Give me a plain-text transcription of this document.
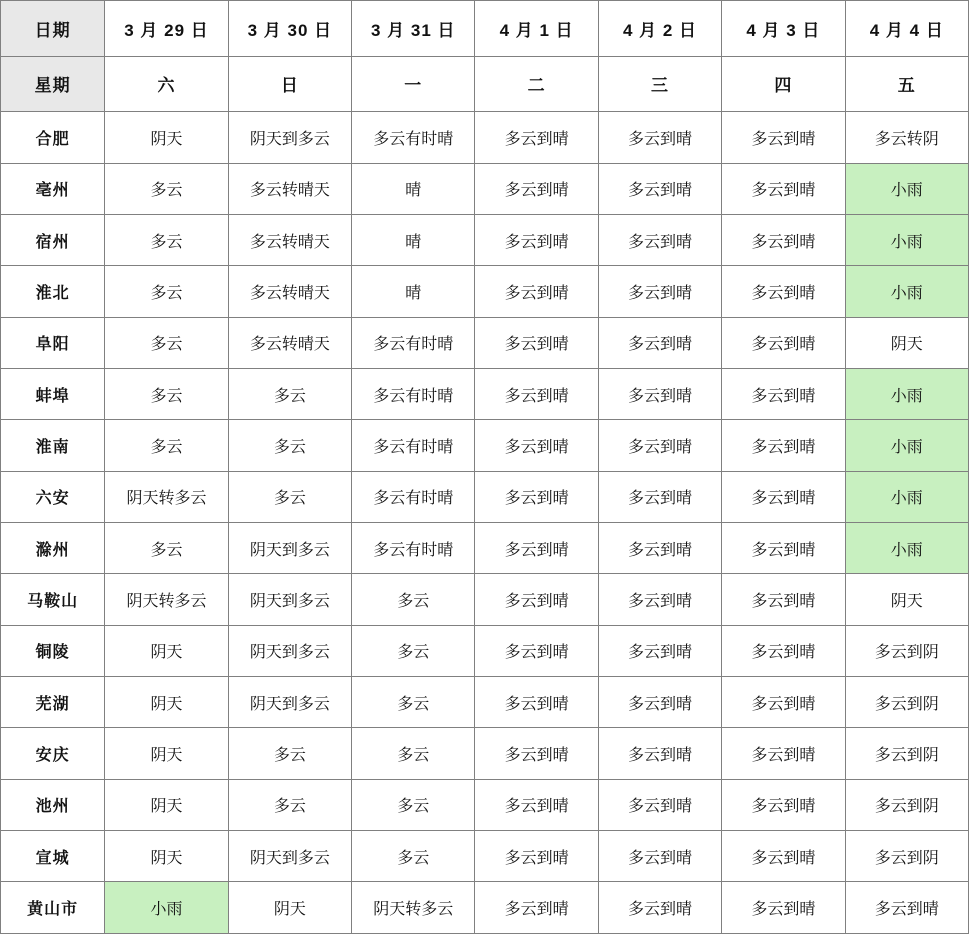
日期	3 月 29 日	3 月 30 日	3 月 31 日	4 月 1 日	4 月 2 日	4 月 3 日	4 月 4 日
星期	六	日	一	二	三	四	五
合肥	阴天	阴天到多云	多云有时晴	多云到晴	多云到晴	多云到晴	多云转阴
亳州	多云	多云转晴天	晴	多云到晴	多云到晴	多云到晴	小雨
宿州	多云	多云转晴天	晴	多云到晴	多云到晴	多云到晴	小雨
淮北	多云	多云转晴天	晴	多云到晴	多云到晴	多云到晴	小雨
阜阳	多云	多云转晴天	多云有时晴	多云到晴	多云到晴	多云到晴	阴天
蚌埠	多云	多云	多云有时晴	多云到晴	多云到晴	多云到晴	小雨
淮南	多云	多云	多云有时晴	多云到晴	多云到晴	多云到晴	小雨
六安	阴天转多云	多云	多云有时晴	多云到晴	多云到晴	多云到晴	小雨
滁州	多云	阴天到多云	多云有时晴	多云到晴	多云到晴	多云到晴	小雨
马鞍山	阴天转多云	阴天到多云	多云	多云到晴	多云到晴	多云到晴	阴天
铜陵	阴天	阴天到多云	多云	多云到晴	多云到晴	多云到晴	多云到阴
芜湖	阴天	阴天到多云	多云	多云到晴	多云到晴	多云到晴	多云到阴
安庆	阴天	多云	多云	多云到晴	多云到晴	多云到晴	多云到阴
池州	阴天	多云	多云	多云到晴	多云到晴	多云到晴	多云到阴
宣城	阴天	阴天到多云	多云	多云到晴	多云到晴	多云到晴	多云到阴
黄山市	小雨	阴天	阴天转多云	多云到晴	多云到晴	多云到晴	多云到晴
